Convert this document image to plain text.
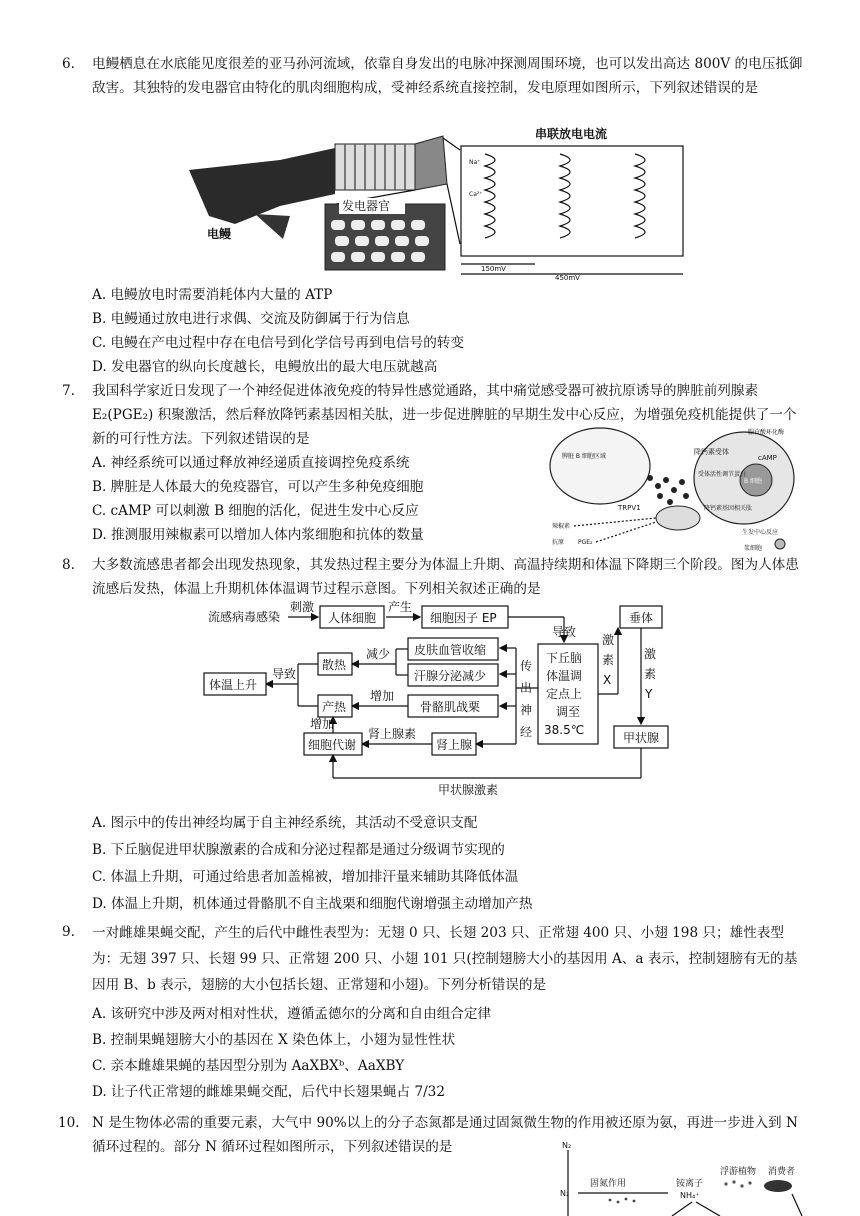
6. 电鳗栖息在水底能见度很差的亚马孙河流域，依靠自身发出的电脉冲探测周围环境，也可以发出高达 800V 的电压抵御敌害。其独特的发电器官由特化的肌肉细胞构成，受神经系统直接控制，发电原理如图所示，下列叙述错误的是
电鳗
发电器官
串联放电电流
Na⁺
Ca²⁺
150mV
450mV
A. 电鳗放电时需要消耗体内大量的 ATP
B. 电鳗通过放电进行求偶、交流及防御属于行为信息
C. 电鳗在产电过程中存在电信号到化学信号再到电信号的转变
D. 发电器官的纵向长度越长，电鳗放出的最大电压就越高
7. 我国科学家近日发现了一个神经促进体液免疫的特异性感觉通路，其中痛觉感受器可被抗原诱导的脾脏前列腺素 E₂(PGE₂) 积聚激活，然后释放降钙素基因相关肽，进一步促进脾脏的早期生发中心反应，为增强免疫机能提供了一个新的可行性方法。下列叙述错误的是
A. 神经系统可以通过释放神经递质直接调控免疫系统
B. 脾脏是人体最大的免疫器官，可以产生多种免疫细胞
C. cAMP 可以刺激 B 细胞的活化，促进生发中心反应
D. 推测服用辣椒素可以增加人体内浆细胞和抗体的数量
脾脏 B 细胞区域
B 细胞
腺苷酸环化酶
cAMP
降钙素受体
受体活性调节蛋白
TRPV1	降钙素基因相关肽
辣椒素
抗原 PGE₂
生发中心反应
浆细胞
8. 大多数流感患者都会出现发热现象，其发热过程主要分为体温上升期、高温持续期和体温下降期三个阶段。图为人体患流感后发热，体温上升期机体体温调节过程示意图。下列相关叙述正确的是
流感病毒感染
刺激
人体细胞
产生
细胞因子 EP
导致
下丘脑
体温调
定点上
调至
38.5℃
激
素
X
垂体
激
素
Y
甲状腺
传
出
神
经
皮肤血管收缩
汗腺分泌减少
减少
散热
骨骼肌战栗
增加
产热
导致
体温上升
肾上腺
肾上腺素
细胞代谢
增加
甲状腺激素
A. 图示中的传出神经均属于自主神经系统，其活动不受意识支配
B. 下丘脑促进甲状腺激素的合成和分泌过程都是通过分级调节实现的
C. 体温上升期，可通过给患者加盖棉被，增加排汗量来辅助其降低体温
D. 体温上升期，机体通过骨骼肌不自主战栗和细胞代谢增强主动增加产热
9. 一对雌雄果蝇交配，产生的后代中雌性表型为：无翅 0 只、长翅 203 只、正常翅 400 只、小翅 198 只；雄性表型为：无翅 397 只、长翅 99 只、正常翅 200 只、小翅 101 只(控制翅膀大小的基因用 A、a 表示，控制翅膀有无的基因用 B、b 表示，翅膀的大小包括长翅、正常翅和小翅)。下列分析错误的是
A. 该研究中涉及两对相对性状，遵循孟德尔的分离和自由组合定律
B. 控制果蝇翅膀大小的基因在 X 染色体上，小翅为显性性状
C. 亲本雌雄果蝇的基因型分别为 AaXBXᵇ、AaXBY
D. 让子代正常翅的雌雄果蝇交配，后代中长翅果蝇占 7/32
10. N 是生物体必需的重要元素，大气中 90%以上的分子态氮都是通过固氮微生物的作用被还原为氨，再进一步进入到 N 循环过程的。部分 N 循环过程如图所示，下列叙述错误的是	N₂
N₂
固氮作用	铵离子
NH₄⁺
浮游植物 消费者
